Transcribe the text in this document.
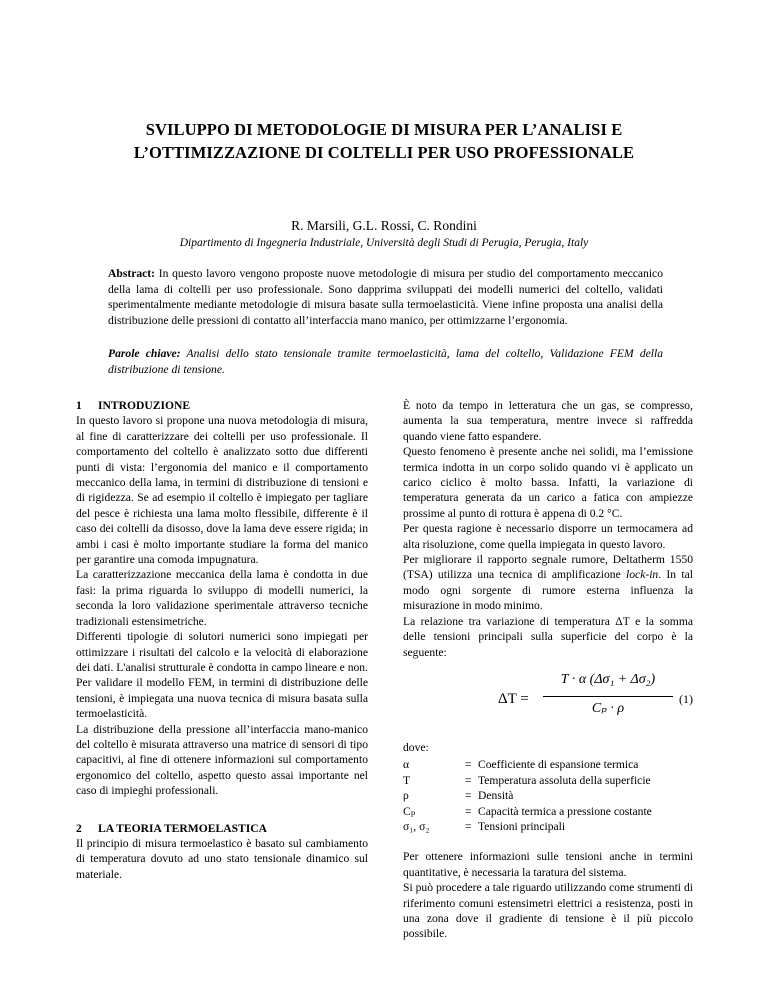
SVILUPPO DI METODOLOGIE DI MISURA PER L’ANALISI E L’OTTIMIZZAZIONE DI COLTELLI PER USO PROFESSIONALE
R. Marsili, G.L. Rossi, C. Rondini
Dipartimento di Ingegneria Industriale, Università degli Studi di Perugia, Perugia, Italy
Abstract: In questo lavoro vengono proposte nuove metodologie di misura per studio del comportamento meccanico della lama di coltelli per uso professionale. Sono dapprima sviluppati dei modelli numerici del coltello, validati sperimentalmente mediante metodologie di misura basate sulla termoelasticità. Viene infine proposta una analisi della distribuzione delle pressioni di contatto all’interfaccia mano manico, per ottimizzarne l’ergonomia.
Parole chiave: Analisi dello stato tensionale tramite termoelasticità, lama del coltello, Validazione FEM della distribuzione di tensione.
1 INTRODUZIONE

In questo lavoro si propone una nuova metodologia di misura, al fine di caratterizzare dei coltelli per uso professionale. Il comportamento del coltello è analizzato sotto due differenti punti di vista: l’ergonomia del manico e il comportamento meccanico della lama, in termini di distribuzione di tensioni e di rigidezza. Se ad esempio il coltello è impiegato per tagliare del pesce è richiesta una lama molto flessibile, differente è il caso dei coltelli da disosso, dove la lama deve essere rigida; in ambi i casi è molto importante studiare la forma del manico per garantire una comoda impugnatura.

La caratterizzazione meccanica della lama è condotta in due fasi: la prima riguarda lo sviluppo di modelli numerici, la seconda la loro validazione sperimentale attraverso tecniche tradizionali estensimetriche.

Differenti tipologie di solutori numerici sono impiegati per ottimizzare i risultati del calcolo e la velocità di elaborazione dei dati. L'analisi strutturale è condotta in campo lineare e non. Per validare il modello FEM, in termini di distribuzione delle tensioni, è impiegata una nuova tecnica di misura basata sulla termoelasticità.

La distribuzione della pressione all’interfaccia mano-manico del coltello è misurata attraverso una matrice di sensori di tipo capacitivi, al fine di ottenere informazioni sul comportamento ergonomico del coltello, aspetto questo assai importante nel caso di impieghi professionali.

2 LA TEORIA TERMOELASTICA

Il principio di misura termoelastico è basato sul cambiamento di temperatura dovuto ad uno stato tensionale dinamico sul materiale.

È noto da tempo in letteratura che un gas, se compresso, aumenta la sua temperatura, mentre invece si raffredda quando viene fatto espandere.

Questo fenomeno è presente anche nei solidi, ma l’emissione termica indotta in un corpo solido quando vi è applicato un carico ciclico è molto bassa. Infatti, la variazione di temperatura generata da un carico a fatica con ampiezze prossime al punto di rottura è appena di 0.2 °C.

Per questa ragione è necessario disporre un termocamera ad alta risoluzione, come quella impiegata in questo lavoro.

Per migliorare il rapporto segnale rumore, Deltatherm 1550 (TSA) utilizza una tecnica di amplificazione lock-in. In tal modo ogni sorgente di rumore esterna influenza la misurazione in modo minimo.

La relazione tra variazione di temperatura ΔT e la somma delle tensioni principali sulla superficie del corpo è la seguente:

ΔT =
T · α (Δσ₁ + Δσ₂)
Cₚ · ρ
(1)

dove:

α	=	Coefficiente di espansione termica
T	=	Temperatura assoluta della superficie
ρ	=	Densità
Cₚ	=	Capacità termica a pressione costante
σ₁, σ₂	=	Tensioni principali

Per ottenere informazioni sulle tensioni anche in termini quantitative, è necessaria la taratura del sistema.

Si può procedere a tale riguardo utilizzando come strumenti di riferimento comuni estensimetri elettrici a resistenza, posti in una zona dove il gradiente di tensione è il più piccolo possibile.
